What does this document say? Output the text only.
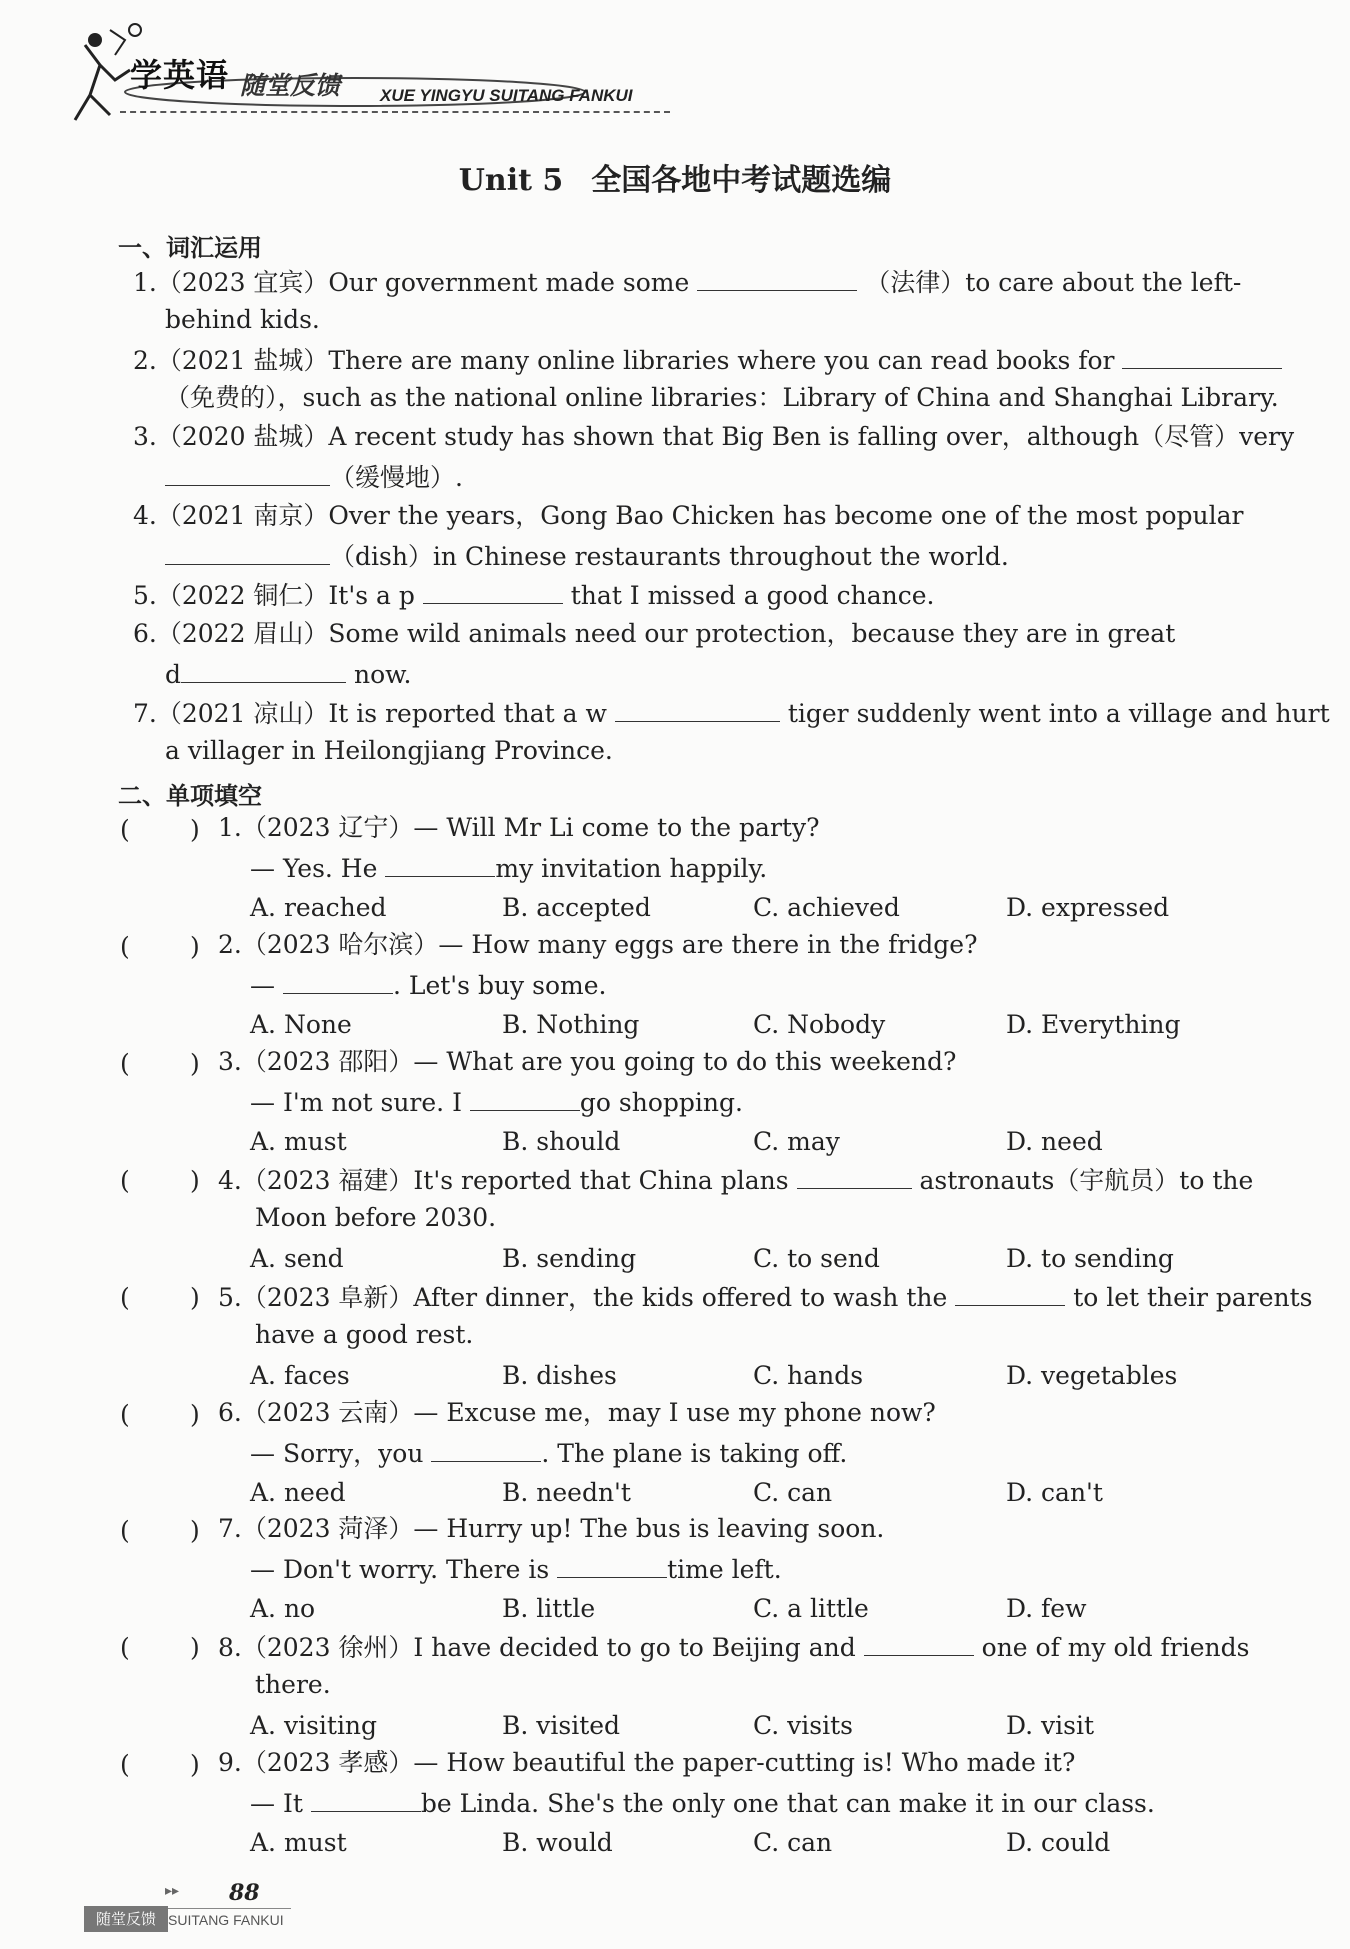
学英语 随堂反馈 XUE YINGYU SUITANG FANKUI
Unit 5 全国各地中考试题选编
一、词汇运用
1.（2023 宜宾）Our government made some	（法律）to care about the left-
behind kids.
2.（2021 盐城）There are many online libraries where you can read books for
（免费的），such as the national online libraries：Library of China and Shanghai Library.
3.（2020 盐城）A recent study has shown that Big Ben is falling over，although（尽管）very
（缓慢地）.
4.（2021 南京）Over the years，Gong Bao Chicken has become one of the most popular
（dish）in Chinese restaurants throughout the world.
5.（2022 铜仁）It's a p	that I missed a good chance.
6.（2022 眉山）Some wild animals need our protection，because they are in great
d	now.
7.（2021 凉山）It is reported that a w	tiger suddenly went into a village and hurt
a villager in Heilongjiang Province.
二、单项填空
( ) 1.（2023 辽宁）— Will Mr Li come to the party?
— Yes. He	my invitation happily.
A. reached	B. accepted	C. achieved	D. expressed
( ) 2.（2023 哈尔滨）— How many eggs are there in the fridge?
—	. Let's buy some.
A. None	B. Nothing	C. Nobody	D. Everything
( ) 3.（2023 邵阳）— What are you going to do this weekend?
— I'm not sure. I	go shopping.
A. must	B. should	C. may	D. need
( ) 4.（2023 福建）It's reported that China plans	astronauts（宇航员）to the
Moon before 2030.
A. send	B. sending	C. to send	D. to sending
( ) 5.（2023 阜新）After dinner，the kids offered to wash the	to let their parents
have a good rest.
A. faces	B. dishes	C. hands	D. vegetables
( ) 6.（2023 云南）— Excuse me，may I use my phone now?
— Sorry，you	. The plane is taking off.
A. need	B. needn't	C. can	D. can't
( ) 7.（2023 菏泽）— Hurry up! The bus is leaving soon.
— Don't worry. There is	time left.
A. no	B. little	C. a little	D. few
( ) 8.（2023 徐州）I have decided to go to Beijing and	one of my old friends
there.
A. visiting	B. visited	C. visits	D. visit
( ) 9.（2023 孝感）— How beautiful the paper-cutting is! Who made it?
— It	be Linda. She's the only one that can make it in our class.
A. must	B. would	C. can	D. could
▸▸ 88
随堂反馈 SUITANG FANKUI
